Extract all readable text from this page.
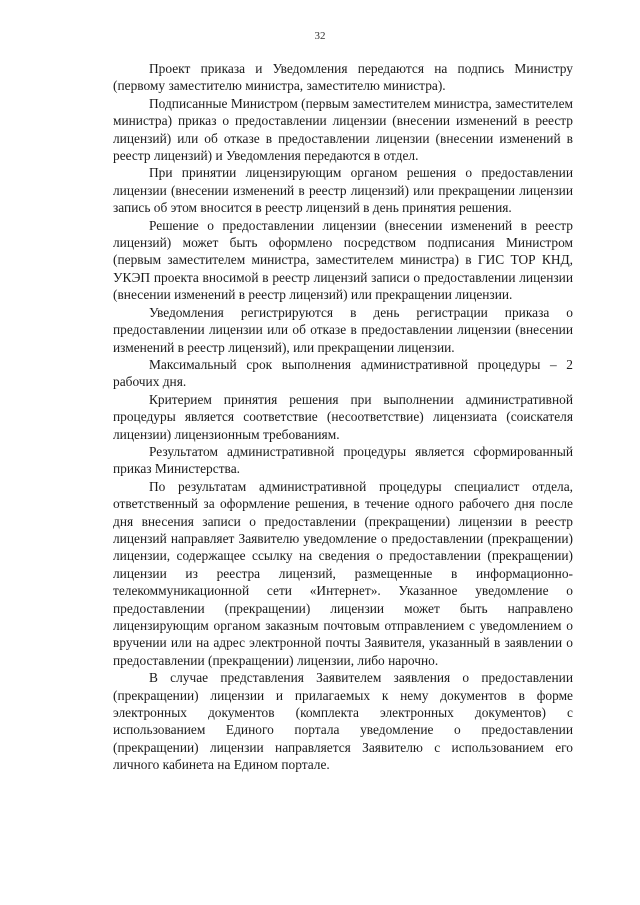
32

Проект приказа и Уведомления передаются на подпись Министру (первому заместителю министра, заместителю министра).

Подписанные Министром (первым заместителем министра, заместителем министра) приказ о предоставлении лицензии (внесении изменений в реестр лицензий) или об отказе в предоставлении лицензии (внесении изменений в реестр лицензий) и Уведомления передаются в отдел.

При принятии лицензирующим органом решения о предоставлении лицензии (внесении изменений в реестр лицензий) или прекращении лицензии запись об этом вносится в реестр лицензий в день принятия решения.

Решение о предоставлении лицензии (внесении изменений в реестр лицензий) может быть оформлено посредством подписания Министром (первым заместителем министра, заместителем министра) в ГИС ТОР КНД, УКЭП проекта вносимой в реестр лицензий записи о предоставлении лицензии (внесении изменений в реестр лицензий) или прекращении лицензии.

Уведомления регистрируются в день регистрации приказа о предоставлении лицензии или об отказе в предоставлении лицензии (внесении изменений в реестр лицензий), или прекращении лицензии.

Максимальный срок выполнения административной процедуры – 2 рабочих дня.

Критерием принятия решения при выполнении административной процедуры является соответствие (несоответствие) лицензиата (соискателя лицензии) лицензионным требованиям.

Результатом административной процедуры является сформированный приказ Министерства.

По результатам административной процедуры специалист отдела, ответственный за оформление решения, в течение одного рабочего дня после дня внесения записи о предоставлении (прекращении) лицензии в реестр лицензий направляет Заявителю уведомление о предоставлении (прекращении) лицензии, содержащее ссылку на сведения о предоставлении (прекращении) лицензии из реестра лицензий, размещенные в информационно-телекоммуникационной сети «Интернет». Указанное уведомление о предоставлении (прекращении) лицензии может быть направлено лицензирующим органом заказным почтовым отправлением с уведомлением о вручении или на адрес электронной почты Заявителя, указанный в заявлении о предоставлении (прекращении) лицензии, либо нарочно.

В случае представления Заявителем заявления о предоставлении (прекращении) лицензии и прилагаемых к нему документов в форме электронных документов (комплекта электронных документов) с использованием Единого портала уведомление о предоставлении (прекращении) лицензии направляется Заявителю с использованием его личного кабинета на Едином портале.
